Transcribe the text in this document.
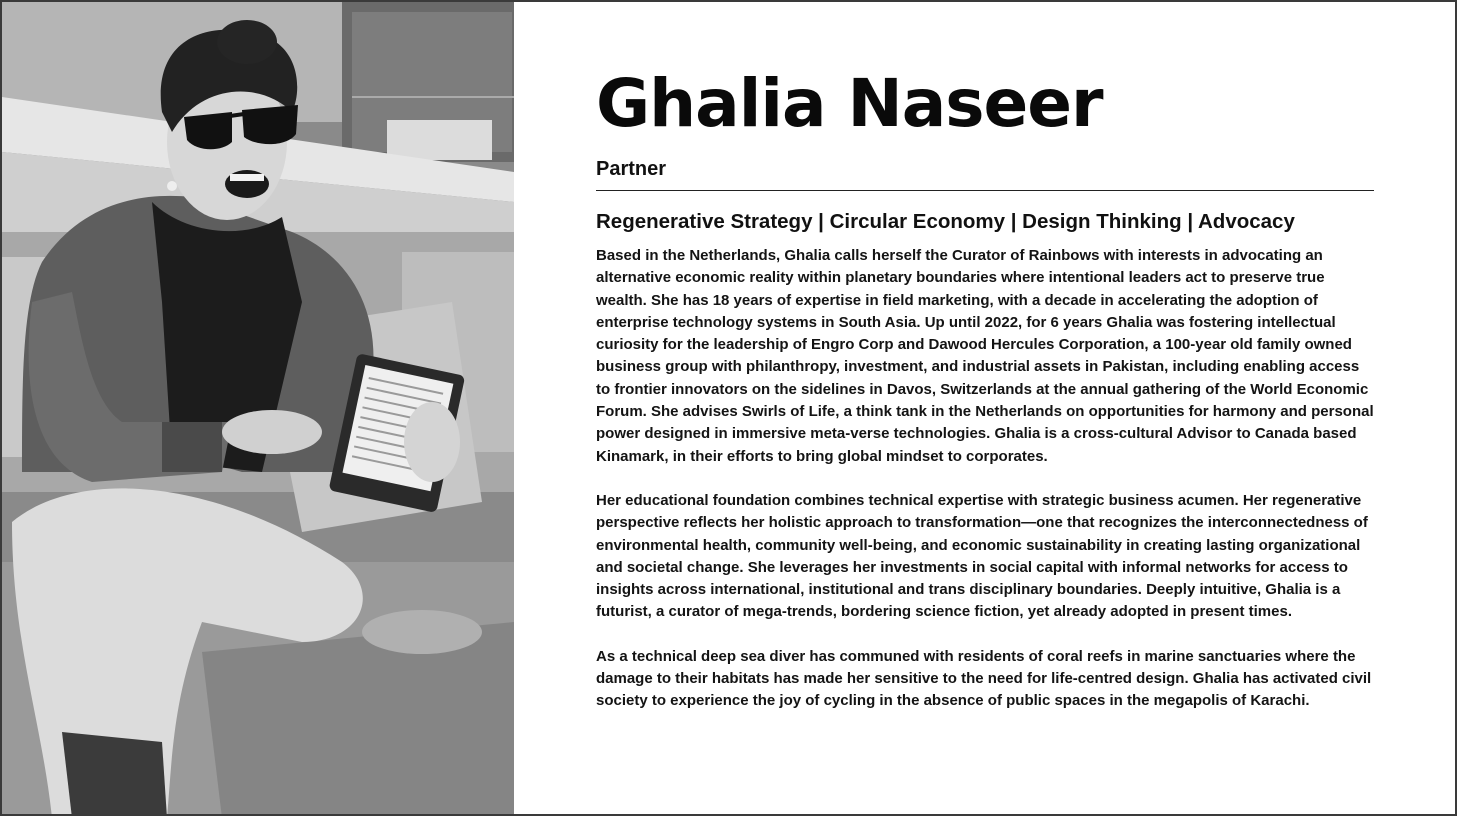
Ghalia Naseer
Partner
Regenerative Strategy | Circular Economy | Design Thinking | Advocacy

Based in the Netherlands, Ghalia calls herself the Curator of Rainbows with interests in advocating an alternative economic reality within planetary boundaries where intentional leaders act to preserve true wealth. She has 18 years of expertise in field marketing, with a decade in accelerating the adoption of enterprise technology systems in South Asia. Up until 2022, for 6 years Ghalia was fostering intellectual curiosity for the leadership of Engro Corp and Dawood Hercules Corporation, a 100-year old family owned business group with philanthropy, investment, and industrial assets in Pakistan, including enabling access to frontier innovators on the sidelines in Davos, Switzerlands at the annual gathering of the World Economic Forum. She advises Swirls of Life, a think tank in the Netherlands on opportunities for harmony and personal power designed in immersive meta-verse technologies. Ghalia is a cross-cultural Advisor to Canada based Kinamark, in their efforts to bring global mindset to corporates.

Her educational foundation combines technical expertise with strategic business acumen. Her regenerative perspective reflects her holistic approach to transformation—one that recognizes the interconnectedness of environmental health, community well-being, and economic sustainability in creating lasting organizational and societal change. She leverages her investments in social capital with informal networks for access to insights across international, institutional and trans disciplinary boundaries. Deeply intuitive, Ghalia is a futurist, a curator of mega-trends, bordering science fiction, yet already adopted in present times.

As a technical deep sea diver has communed with residents of coral reefs in marine sanctuaries where the damage to their habitats has made her sensitive to the need for life-centred design. Ghalia has activated civil society to experience the joy of cycling in the absence of public spaces in the megapolis of Karachi.
